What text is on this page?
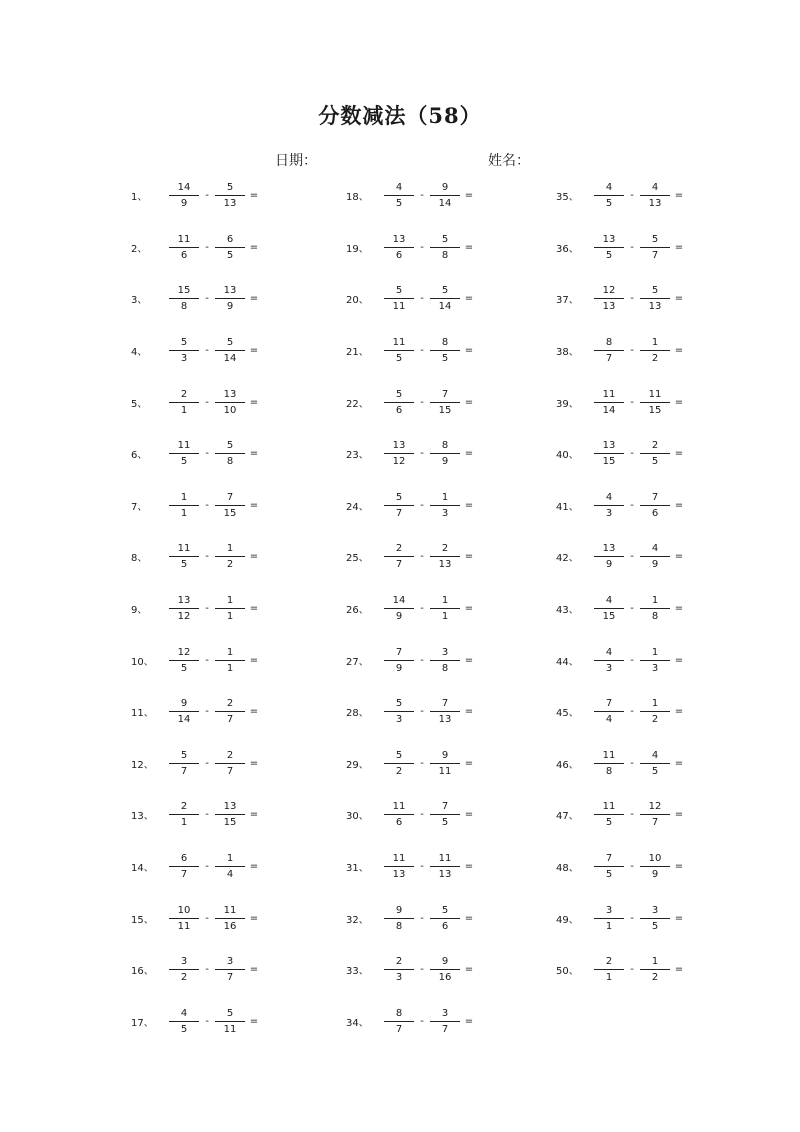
分数减法（58）
日期：	姓名：
1、	$\frac{14}{9} - \frac{5}{13}$ =
2、	$\frac{11}{6} - \frac{6}{5}$ =
3、	$\frac{15}{8} - \frac{13}{9}$ =
4、	$\frac{5}{3} - \frac{5}{14}$ =
5、	$\frac{2}{1} - \frac{13}{10}$ =
6、	$\frac{11}{5} - \frac{5}{8}$ =
7、	$\frac{1}{1} - \frac{7}{15}$ =
8、	$\frac{11}{5} - \frac{1}{2}$ =
9、	$\frac{13}{12} - \frac{1}{1}$ =
10、	$\frac{12}{5} - \frac{1}{1}$ =
11、	$\frac{9}{14} - \frac{2}{7}$ =
12、	$\frac{5}{7} - \frac{2}{7}$ =
13、	$\frac{2}{1} - \frac{13}{15}$ =
14、	$\frac{6}{7} - \frac{1}{4}$ =
15、	$\frac{10}{11} - \frac{11}{16}$ =
16、	$\frac{3}{2} - \frac{3}{7}$ =
17、	$\frac{4}{5} - \frac{5}{11}$ =
18、	$\frac{4}{5} - \frac{9}{14}$ =
19、	$\frac{13}{6} - \frac{5}{8}$ =
20、	$\frac{5}{11} - \frac{5}{14}$ =
21、	$\frac{11}{5} - \frac{8}{5}$ =
22、	$\frac{5}{6} - \frac{7}{15}$ =
23、	$\frac{13}{12} - \frac{8}{9}$ =
24、	$\frac{5}{7} - \frac{1}{3}$ =
25、	$\frac{2}{7} - \frac{2}{13}$ =
26、	$\frac{14}{9} - \frac{1}{1}$ =
27、	$\frac{7}{9} - \frac{3}{8}$ =
28、	$\frac{5}{3} - \frac{7}{13}$ =
29、	$\frac{5}{2} - \frac{9}{11}$ =
30、	$\frac{11}{6} - \frac{7}{5}$ =
31、	$\frac{11}{13} - \frac{11}{13}$ =
32、	$\frac{9}{8} - \frac{5}{6}$ =
33、	$\frac{2}{3} - \frac{9}{16}$ =
34、	$\frac{8}{7} - \frac{3}{7}$ =
35、	$\frac{4}{5} - \frac{4}{13}$ =
36、	$\frac{13}{5} - \frac{5}{7}$ =
37、	$\frac{12}{13} - \frac{5}{13}$ =
38、	$\frac{8}{7} - \frac{1}{2}$ =
39、	$\frac{11}{14} - \frac{11}{15}$ =
40、	$\frac{13}{15} - \frac{2}{5}$ =
41、	$\frac{4}{3} - \frac{7}{6}$ =
42、	$\frac{13}{9} - \frac{4}{9}$ =
43、	$\frac{4}{15} - \frac{1}{8}$ =
44、	$\frac{4}{3} - \frac{1}{3}$ =
45、	$\frac{7}{4} - \frac{1}{2}$ =
46、	$\frac{11}{8} - \frac{4}{5}$ =
47、	$\frac{11}{5} - \frac{12}{7}$ =
48、	$\frac{7}{5} - \frac{10}{9}$ =
49、	$\frac{3}{1} - \frac{3}{5}$ =
50、	$\frac{2}{1} - \frac{1}{2}$ =
